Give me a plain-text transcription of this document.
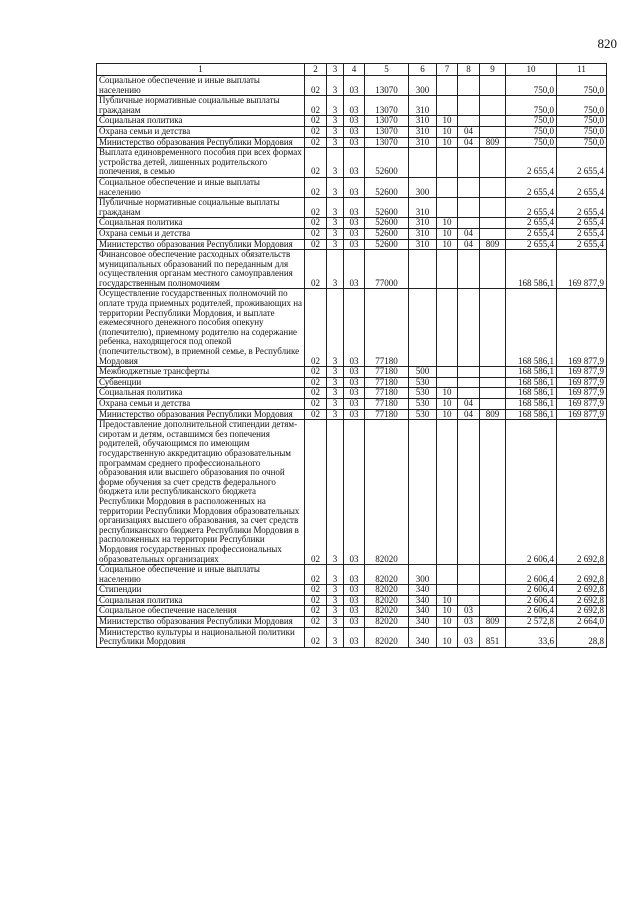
820
1	2	3	4	5	6	7	8	9	10	11
Социальное обеспечение и иные выплаты населению	02	3	03	13070	300				750,0	750,0
Публичные нормативные социальные выплаты гражданам	02	3	03	13070	310				750,0	750,0
Социальная политика	02	3	03	13070	310	10			750,0	750,0
Охрана семьи и детства	02	3	03	13070	310	10	04		750,0	750,0
Министерство образования Республики Мордовия	02	3	03	13070	310	10	04	809	750,0	750,0
Выплата единовременного пособия при всех формах устройства детей, лишенных родительского попечения, в семью	02	3	03	52600					2 655,4	2 655,4
Социальное обеспечение и иные выплаты населению	02	3	03	52600	300				2 655,4	2 655,4
Публичные нормативные социальные выплаты гражданам	02	3	03	52600	310				2 655,4	2 655,4
Социальная политика	02	3	03	52600	310	10			2 655,4	2 655,4
Охрана семьи и детства	02	3	03	52600	310	10	04		2 655,4	2 655,4
Министерство образования Республики Мордовия	02	3	03	52600	310	10	04	809	2 655,4	2 655,4
Финансовое обеспечение расходных обязательств муниципальных образований по переданным для осуществления органам местного самоуправления государственным полномочиям	02	3	03	77000					168 586,1	169 877,9
Осуществление государственных полномочий по оплате труда приемных родителей, проживающих на территории Республики Мордовия, и выплате ежемесячного денежного пособия опекуну (попечителю), приемному родителю на содержание ребенка, находящегося под опекой (попечительством), в приемной семье, в Республике Мордовия	02	3	03	77180					168 586,1	169 877,9
Межбюджетные трансферты	02	3	03	77180	500				168 586,1	169 877,9
Субвенции	02	3	03	77180	530				168 586,1	169 877,9
Социальная политика	02	3	03	77180	530	10			168 586,1	169 877,9
Охрана семьи и детства	02	3	03	77180	530	10	04		168 586,1	169 877,9
Министерство образования Республики Мордовия	02	3	03	77180	530	10	04	809	168 586,1	169 877,9
Предоставление дополнительной стипендии детям-сиротам и детям, оставшимся без попечения родителей, обучающимся по имеющим государственную аккредитацию образовательным программам среднего профессионального образования или высшего образования по очной форме обучения за счет средств федерального бюджета или республиканского бюджета Республики Мордовия в расположенных на территории Республики Мордовия образовательных организациях высшего образования, за счет средств республиканского бюджета Республики Мордовия в расположенных на территории Республики Мордовия государственных профессиональных образовательных организациях	02	3	03	82020					2 606,4	2 692,8
Социальное обеспечение и иные выплаты населению	02	3	03	82020	300				2 606,4	2 692,8
Стипендии	02	3	03	82020	340				2 606,4	2 692,8
Социальная политика	02	3	03	82020	340	10			2 606,4	2 692,8
Социальное обеспечение населения	02	3	03	82020	340	10	03		2 606,4	2 692,8
Министерство образования Республики Мордовия	02	3	03	82020	340	10	03	809	2 572,8	2 664,0
Министерство культуры и национальной политики Республики Мордовия	02	3	03	82020	340	10	03	851	33,6	28,8
